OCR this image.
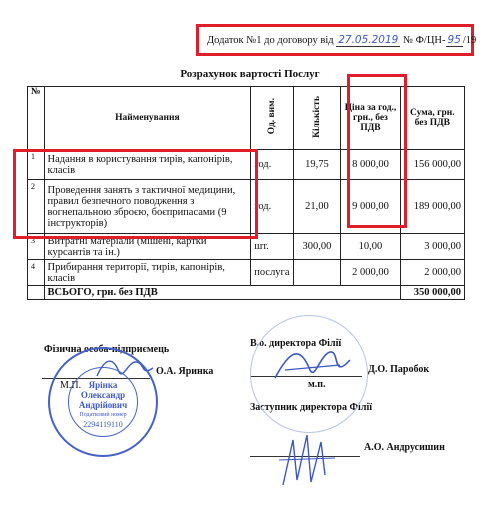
Додаток №1 до договору від 27.05.2019 № Ф/ЦН- 95 /19
Розрахунок вартості Послуг
№	Найменування	Од. вим.	Кількість	Ціна за год., грн., без ПДВ	Сума, грн. без ПДВ
1	Надання в користування тирів, капонірів, класів	год.	19,75	8 000,00	156 000,00
2	Проведення занять з тактичної медицини, правил безпечного поводження з вогнепальною зброєю, боєприпасами (9 інструкторів)	год.	21,00	9 000,00	189 000,00
3	Витратні матеріали (мішені, картки курсантів та ін.)	шт.	300,00	10,00	3 000,00
4	Прибирання території, тирів, капонірів, класів	послуга		2 000,00	2 000,00
	ВСЬОГО, грн. без ПДВ				350 000,00
Фізична особа-підприємець
О.А. Яринка
М.П.
В.о. директора Філії
Д.О. Паробок
м.п.
Заступник директора Філії
А.О. Андрусишин
Ярінка
Олександр
Андрійович
Податковий номер
2294119110
